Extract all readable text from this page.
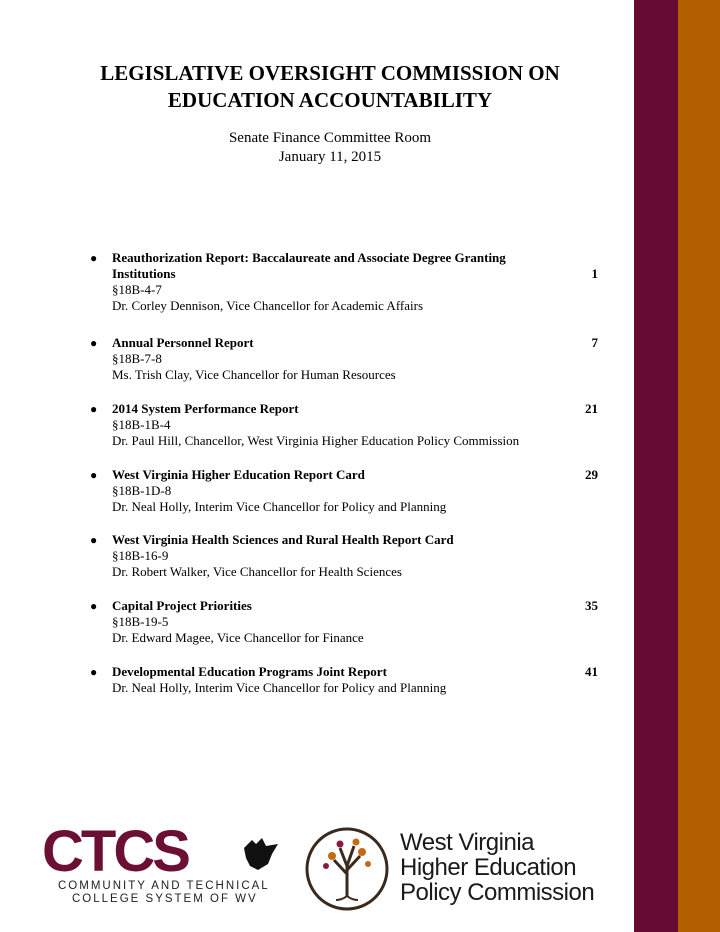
LEGISLATIVE OVERSIGHT COMMISSION ON
EDUCATION ACCOUNTABILITY
Senate Finance Committee Room
January 11, 2015
● Reauthorization Report: Baccalaureate and Associate Degree Granting
Institutions	1
§18B-4-7
Dr. Corley Dennison, Vice Chancellor for Academic Affairs
● Annual Personnel Report	7
§18B-7-8
Ms. Trish Clay, Vice Chancellor for Human Resources
● 2014 System Performance Report	21
§18B-1B-4
Dr. Paul Hill, Chancellor, West Virginia Higher Education Policy Commission
● West Virginia Higher Education Report Card	29
§18B-1D-8
Dr. Neal Holly, Interim Vice Chancellor for Policy and Planning
● West Virginia Health Sciences and Rural Health Report Card
§18B-16-9
Dr. Robert Walker, Vice Chancellor for Health Sciences
● Capital Project Priorities	35
§18B-19-5
Dr. Edward Magee, Vice Chancellor for Finance
● Developmental Education Programs Joint Report	41
Dr. Neal Holly, Interim Vice Chancellor for Policy and Planning
CTCS
COMMUNITY AND TECHNICAL
COLLEGE SYSTEM OF WV
West Virginia
Higher Education
Policy Commission
